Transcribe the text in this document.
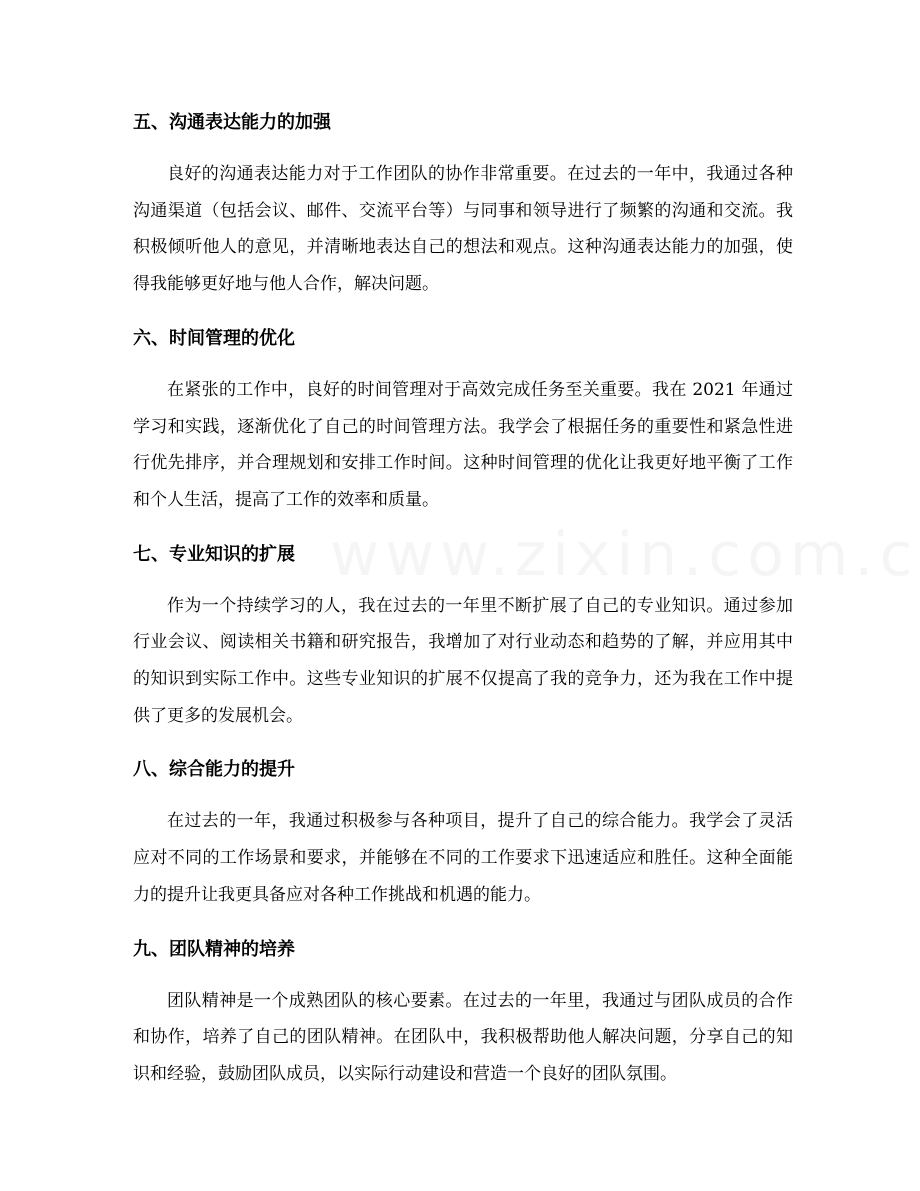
五、沟通表达能力的加强

良好的沟通表达能力对于工作团队的协作非常重要。在过去的一年中，我通过各种沟通渠道（包括会议、邮件、交流平台等）与同事和领导进行了频繁的沟通和交流。我积极倾听他人的意见，并清晰地表达自己的想法和观点。这种沟通表达能力的加强，使得我能够更好地与他人合作，解决问题。

六、时间管理的优化

在紧张的工作中，良好的时间管理对于高效完成任务至关重要。我在 2021 年通过学习和实践，逐渐优化了自己的时间管理方法。我学会了根据任务的重要性和紧急性进行优先排序，并合理规划和安排工作时间。这种时间管理的优化让我更好地平衡了工作和个人生活，提高了工作的效率和质量。

七、专业知识的扩展

作为一个持续学习的人，我在过去的一年里不断扩展了自己的专业知识。通过参加行业会议、阅读相关书籍和研究报告，我增加了对行业动态和趋势的了解，并应用其中的知识到实际工作中。这些专业知识的扩展不仅提高了我的竞争力，还为我在工作中提供了更多的发展机会。

八、综合能力的提升

在过去的一年，我通过积极参与各种项目，提升了自己的综合能力。我学会了灵活应对不同的工作场景和要求，并能够在不同的工作要求下迅速适应和胜任。这种全面能力的提升让我更具备应对各种工作挑战和机遇的能力。

九、团队精神的培养

团队精神是一个成熟团队的核心要素。在过去的一年里，我通过与团队成员的合作和协作，培养了自己的团队精神。在团队中，我积极帮助他人解决问题，分享自己的知识和经验，鼓励团队成员，以实际行动建设和营造一个良好的团队氛围。
